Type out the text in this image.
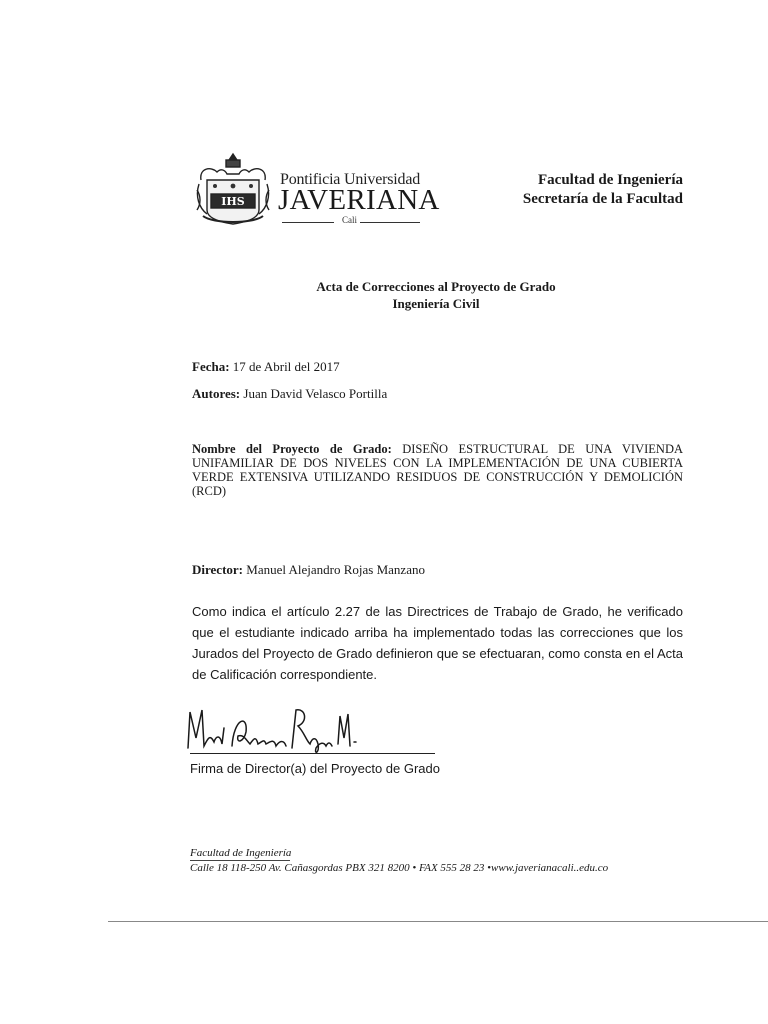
IHS
Pontificia Universidad
JAVERIANA
Cali
Facultad de Ingeniería
Secretaría de la Facultad
Acta de Correcciones al Proyecto de Grado
Ingeniería Civil
Fecha: 17 de Abril del 2017
Autores: Juan David Velasco Portilla
Nombre del Proyecto de Grado: DISEÑO ESTRUCTURAL DE UNA VIVIENDA UNIFAMILIAR DE DOS NIVELES CON LA IMPLEMENTACIÓN DE UNA CUBIERTA VERDE EXTENSIVA UTILIZANDO RESIDUOS DE CONSTRUCCIÓN Y DEMOLICIÓN (RCD)
Director: Manuel Alejandro Rojas Manzano
Como indica el artículo 2.27 de las Directrices de Trabajo de Grado, he verificado que el estudiante indicado arriba ha implementado todas las correcciones que los Jurados del Proyecto de Grado definieron que se efectuaran, como consta en el Acta de Calificación correspondiente.
Firma de Director(a) del Proyecto de Grado
Facultad de Ingeniería
Calle 18 118-250 Av. Cañasgordas PBX 321 8200 • FAX 555 28 23 •www.javerianacali..edu.co
